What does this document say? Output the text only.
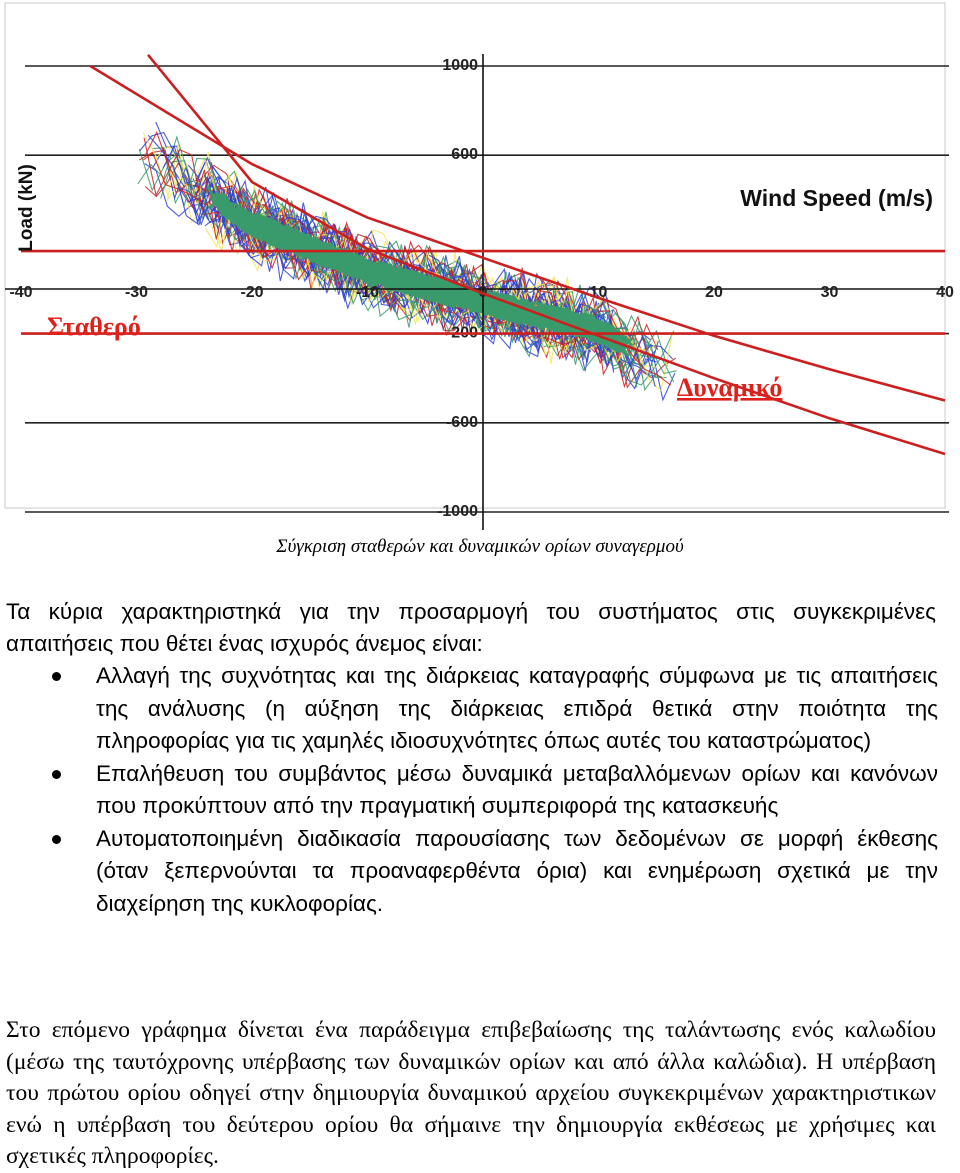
-40	-30	-20	-10	0	10	20	30	40
1000
600
-200
-600
-1000
Load (kN)	Wind Speed (m/s)
Σταθερό
Δυναμικό
Σύγκριση σταθερών και δυναμικών ορίων συναγερμού
Τα κύρια χαρακτηριστηκά για την προσαρμογή του συστήματος στις συγκεκριμένες απαιτήσεις που θέτει ένας ισχυρός άνεμος είναι:
Αλλαγή της συχνότητας και της διάρκειας καταγραφής σύμφωνα με τις απαιτήσεις της ανάλυσης (η αύξηση της διάρκειας επιδρά θετικά στην ποιότητα της πληροφορίας για τις χαμηλές ιδιοσυχνότητες όπως αυτές του καταστρώματος)
Επαλήθευση του συμβάντος μέσω δυναμικά μεταβαλλόμενων ορίων και κανόνων που προκύπτουν από την πραγματική συμπεριφορά της κατασκευής
Αυτοματοποιημένη διαδικασία παρουσίασης των δεδομένων σε μορφή έκθεσης (όταν ξεπερνούνται τα προαναφερθέντα όρια) και ενημέρωση σχετικά με την διαχείρηση της κυκλοφορίας.
Στο επόμενο γράφημα δίνεται ένα παράδειγμα επιβεβαίωσης της ταλάντωσης ενός καλωδίου (μέσω της ταυτόχρονης υπέρβασης των δυναμικών ορίων και από άλλα καλώδια). Η υπέρβαση του πρώτου ορίου οδηγεί στην δημιουργία δυναμικού αρχείου συγκεκριμένων χαρακτηριστικων ενώ η υπέρβαση του δεύτερου ορίου θα σήμαινε την δημιουργία εκθέσεως με χρήσιμες και σχετικές πληροφορίες.
